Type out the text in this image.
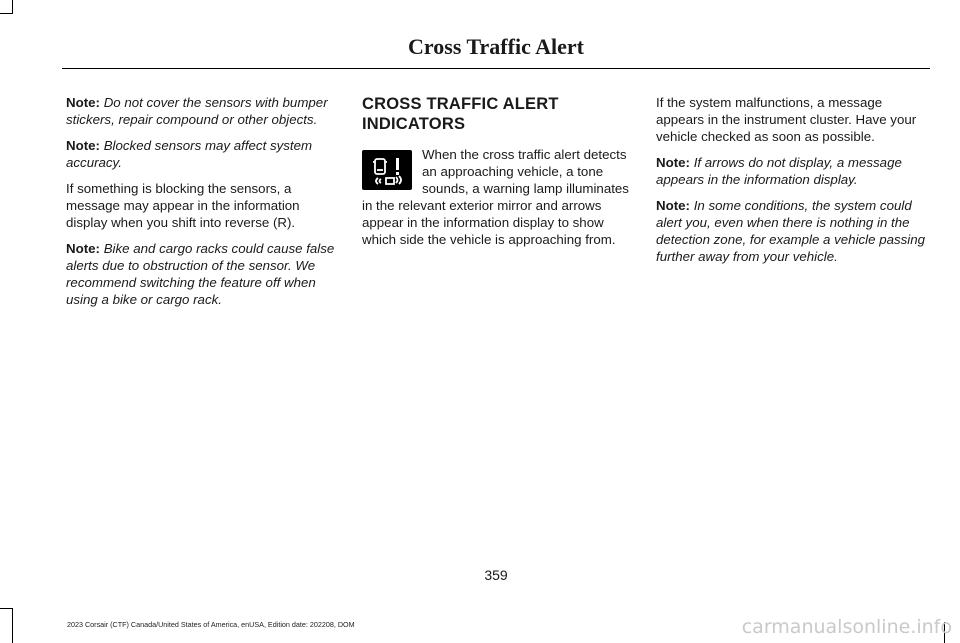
Cross Traffic Alert

Note: Do not cover the sensors with bumper stickers, repair compound or other objects.

Note: Blocked sensors may affect system accuracy.

If something is blocking the sensors, a message may appear in the information display when you shift into reverse (R).

Note: Bike and cargo racks could cause false alerts due to obstruction of the sensor. We recommend switching the feature off when using a bike or cargo rack.

CROSS TRAFFIC ALERT
INDICATORS

When the cross traffic alert detects an approaching vehicle, a tone sounds, a warning lamp illuminates in the relevant exterior mirror and arrows appear in the information display to show which side the vehicle is approaching from.

If the system malfunctions, a message appears in the instrument cluster. Have your vehicle checked as soon as possible.

Note: If arrows do not display, a message appears in the information display.

Note: In some conditions, the system could alert you, even when there is nothing in the detection zone, for example a vehicle passing further away from your vehicle.

359
2023 Corsair (CTF) Canada/United States of America, enUSA, Edition date: 202208, DOM	carmanualsonline.info
